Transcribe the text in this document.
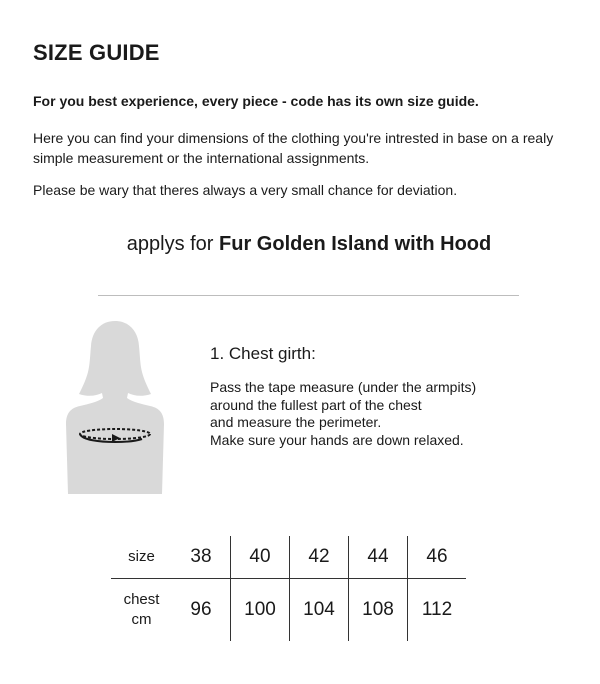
SIZE GUIDE
For you best experience, every piece - code has its own size guide.
Here you can find your dimensions of the clothing you're intrested in base on a realy simple measurement or the international assignments.
Please be wary that theres always a very small chance for deviation.
applys for Fur Golden Island with Hood
1. Chest girth:
Pass the tape measure (under the armpits)
around the fullest part of the chest
and measure the perimeter.
Make sure your hands are down relaxed.
size	38	40	42	44	46

chest
cm	96	100	104	108	112
